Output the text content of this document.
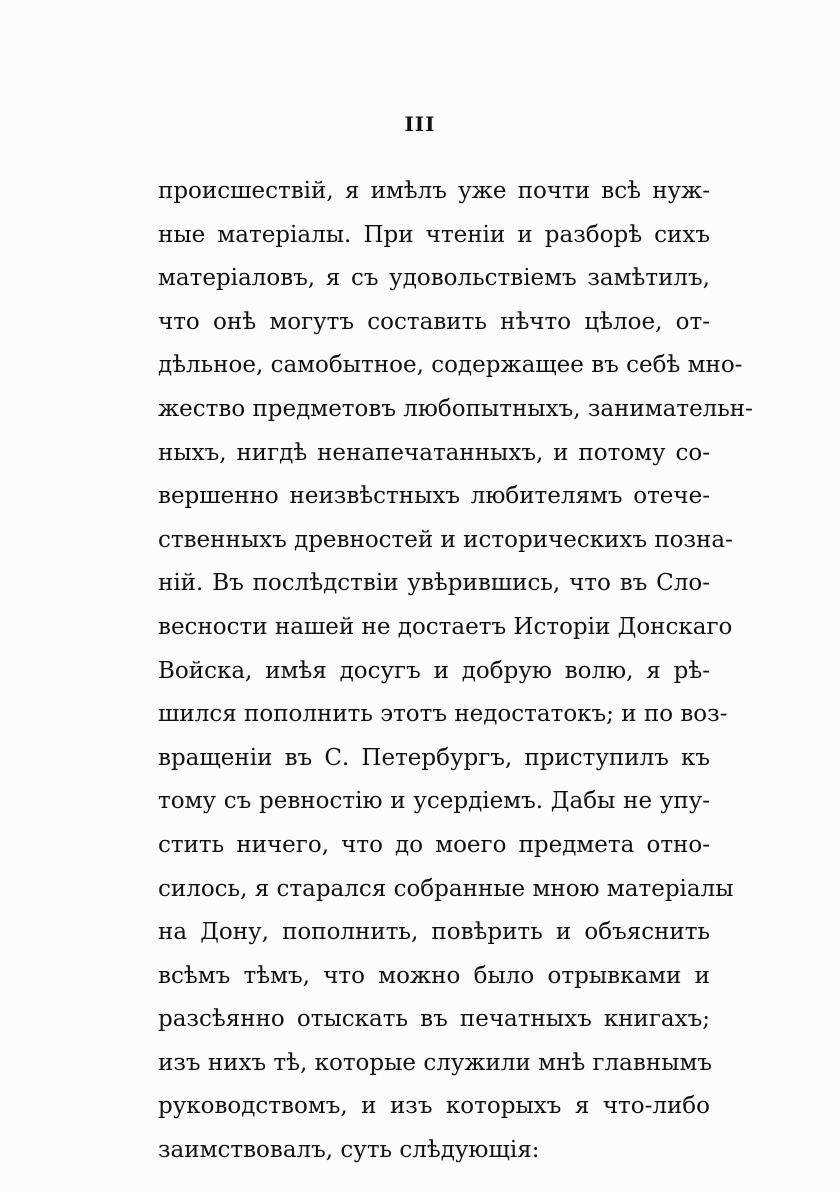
III
происшествій, я имѣлъ уже почти всѣ нуж-
ные матеріалы. При чтеніи и разборѣ сихъ
матеріаловъ, я съ удовольствіемъ замѣтилъ,
что онѣ могутъ составить нѣчто цѣлое, от-
дѣльное, самобытное, содержащее въ себѣ мно-
жество предметовъ любопытныхъ, занимательн-
ныхъ, нигдѣ ненапечатанныхъ, и потому со-
вершенно неизвѣстныхъ любителямъ отече-
ственныхъ древностей и историческихъ позна-
ній. Въ послѣдствіи увѣрившись, что въ Сло-
весности нашей не достаетъ Исторіи Донскаго
Войска, имѣя досугъ и добрую волю, я рѣ-
шился пополнить этотъ недостатокъ; и по воз-
вращеніи въ С. Петербургъ, приступилъ къ
тому съ ревностію и усердіемъ. Дабы не упу-
стить ничего, что до моего предмета отно-
силось, я старался собранные мною матеріалы
на Дону, пополнить, повѣрить и объяснить
всѣмъ тѣмъ, что можно было отрывками и
разсѣянно отыскать въ печатныхъ книгахъ;
изъ нихъ тѣ, которые служили мнѣ главнымъ
руководствомъ, и изъ которыхъ я что-либо
заимствовалъ, суть слѣдующія:
